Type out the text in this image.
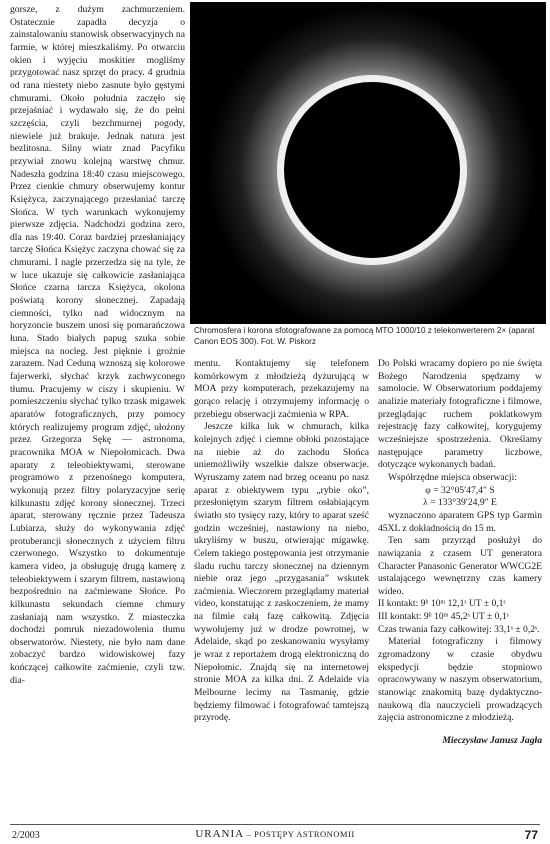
gorsze, z dużym zachmurzeniem. Ostatecznie zapadła decyzja o zainstalowaniu stanowisk obserwacyjnych na farmie, w której mieszkaliśmy. Po otwarciu okien i wyjęciu moskitier mogliśmy przygotować nasz sprzęt do pracy. 4 grudnia od rana niestety niebo zasnute było gęstymi chmurami. Około południa zaczęło się przejaśniać i wydawało się, że do pełni szczęścia, czyli bezchmurnej pogody, niewiele już brakuje. Jednak natura jest bezlitosna. Silny wiatr znad Pacyfiku przywiał znowu kolejną warstwę chmur. Nadeszła godzina 18:40 czasu miejscowego. Przez cienkie chmury obserwujemy kontur Księżyca, zaczynającego przesłaniać tarczę Słońca. W tych warunkach wykonujemy pierwsze zdjęcia. Nadchodzi godzina zero, dla nas 19:40. Coraz bardziej przesłaniający tarczę Słońca Księżyc zaczyna chować się za chmurami. I nagle przerzedza się na tyle, że w luce ukazuje się całkowicie zasłaniająca Słońce czarna tarcza Księżyca, okolona poświatą korony słonecznej. Zapadają ciemności, tylko nad widocznym na horyzoncie buszem unosi się pomarańczowa łuna. Stado białych papug szuka sobie miejsca na nocleg. Jest pięknie i groźnie zarazem. Nad Ceduną wznoszą się kolorowe fajerwerki, słychać krzyk zachwyconego tłumu. Pracujemy w ciszy i skupieniu. W pomieszczeniu słychać tylko trzask migawek aparatów fotograficznych, przy pomocy których realizujemy program zdjęć, ułożony przez Grzegorza Sękę — astronoma, pracownika MOA w Niepołomicach. Dwa aparaty z teleobiektywami, sterowane programowo z przenośnego komputera, wykonują przez filtry polaryzacyjne serię kilkunastu zdjęć korony słonecznej. Trzeci aparat, sterowany ręcznie przez Tadeusza Lubiarza, służy do wykonywania zdjęć protuberancji słonecznych z użyciem filtru czerwonego. Wszystko to dokumentuje kamera video, ja obsługuję drugą kamerę z teleobiektywem i szarym filtrem, nastawioną bezpośrednio na zaćmiewane Słońce. Po kilkunastu sekundach ciemne chmury zasłaniają nam wszystko. Z miasteczka dochodzi pomruk niezadowolenia tłumu obserwatorów. Niestety, nie było nam dane zobaczyć bardzo widowiskowej fazy kończącej całkowite zaćmienie, czyli tzw. dia-

Chromosfera i korona sfotografowane za pomocą MTO 1000/10 z telekonwerterem 2× (aparat Canon EOS 300). Fot. W. Piskorz

mentu. Kontaktujemy się telefonem komórkowym z młodzieżą dyżurującą w MOA przy komputerach, przekazujemy na gorąco relację i otrzymujemy informację o przebiegu obserwacji zaćmienia w RPA.

Jeszcze kilka luk w chmurach, kilka kolejnych zdjęć i ciemne obłoki pozostające na niebie aż do zachodu Słońca uniemożliwiły wszelkie dalsze obserwacje. Wyruszamy zatem nad brzeg oceanu po nasz aparat z obiektywem typu „rybie oko”, przesłoniętym szarym filtrem osłabiającym światło sto tysięcy razy, który to aparat sześć godzin wcześniej, nastawiony na niebo, ukryliśmy w buszu, otwierając migawkę. Celem takiego postępowania jest otrzymanie śladu ruchu tarczy słonecznej na dziennym niebie oraz jego „przygasania” wskutek zaćmienia. Wieczorem przeglądamy materiał video, konstatując z zaskoczeniem, że mamy na filmie całą fazę całkowitą. Zdjęcia wywołujemy już w drodze powrotnej, w Adelaide, skąd po zeskanowaniu wysyłamy je wraz z reportażem drogą elektroniczną do Niepołomic. Znajdą się na internetowej stronie MOA za kilka dni. Z Adelaide via Melbourne lecimy na Tasmanię, gdzie będziemy filmować i fotografować tamtejszą przyrodę.

Do Polski wracamy dopiero po nie święta Bożego Narodzenia spędzamy w samolocie. W Obserwatorium poddajemy analizie materiały fotograficzne i filmowe, przeglądając ruchem poklatkowym rejestrację fazy całkowitej, korygujemy wcześniejsze spostrzeżenia. Określamy następujące parametry liczbowe, dotyczące wykonanych badań.

Współrzędne miejsca obserwacji:

φ = 32°05′47,4″ S

λ = 133°39′24,9″ E

wyznaczono aparatem GPS typ Garmin 45XL z dokładnością do 15 m.

Ten sam przyrząd posłużył do nawiązania z czasem UT generatora Character Panasonic Generator WWCG2E ustalającego wewnętrzny czas kamery wideo.

II kontakt: 9ʰ 10ᵐ 12,1ˢ UT ± 0,1ˢ

III kontakt: 9ʰ 10ᵐ 45,2ˢ UT ± 0,1ˢ

Czas trwania fazy całkowitej: 33,1ˢ ± 0,2ˢ.

Materiał fotograficzny i filmowy zgromadzony w czasie obydwu ekspedycji będzie stopniowo opracowywany w naszym obserwatorium, stanowiąc znakomitą bazę dydaktyczno-naukową dla nauczycieli prowadzących zajęcia astronomiczne z młodzieżą.

Mieczysław Janusz Jagła

2/2003	URANIA – POSTĘPY ASTRONOMII	77
